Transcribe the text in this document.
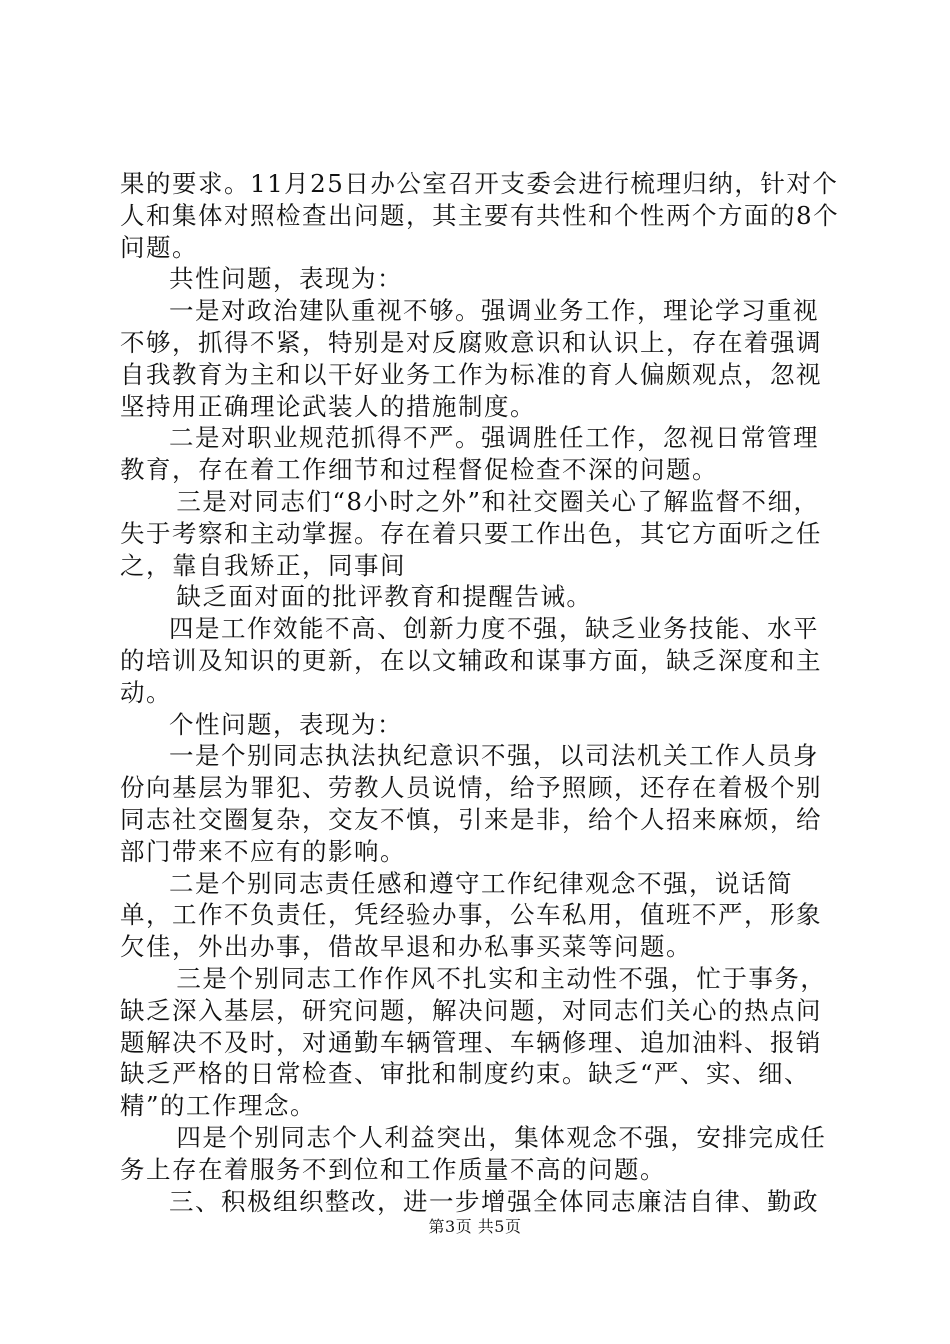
果的要求。11月25日办公室召开支委会进行梳理归纳，针对个人和集体对照检查出问题，其主要有共性和个性两个方面的8个问题。

共性问题，表现为：

一是对政治建队重视不够。强调业务工作，理论学习重视不够，抓得不紧，特别是对反腐败意识和认识上，存在着强调自我教育为主和以干好业务工作为标准的育人偏颇观点，忽视坚持用正确理论武装人的措施制度。

二是对职业规范抓得不严。强调胜任工作，忽视日常管理教育，存在着工作细节和过程督促检查不深的问题。

三是对同志们“8小时之外”和社交圈关心了解监督不细，失于考察和主动掌握。存在着只要工作出色，其它方面听之任之，靠自我矫正，同事间

缺乏面对面的批评教育和提醒告诫。

四是工作效能不高、创新力度不强，缺乏业务技能、水平的培训及知识的更新，在以文辅政和谋事方面，缺乏深度和主动。

个性问题，表现为：

一是个别同志执法执纪意识不强，以司法机关工作人员身份向基层为罪犯、劳教人员说情，给予照顾，还存在着极个别同志社交圈复杂，交友不慎，引来是非，给个人招来麻烦，给部门带来不应有的影响。

二是个别同志责任感和遵守工作纪律观念不强，说话简单，工作不负责任，凭经验办事，公车私用，值班不严，形象欠佳，外出办事，借故早退和办私事买菜等问题。

三是个别同志工作作风不扎实和主动性不强，忙于事务，缺乏深入基层，研究问题，解决问题，对同志们关心的热点问题解决不及时，对通勤车辆管理、车辆修理、追加油料、报销缺乏严格的日常检查、审批和制度约束。缺乏“严、实、细、精”的工作理念。

四是个别同志个人利益突出，集体观念不强，安排完成任务上存在着服务不到位和工作质量不高的问题。

三、积极组织整改，进一步增强全体同志廉洁自律、勤政

第3页 共5页
